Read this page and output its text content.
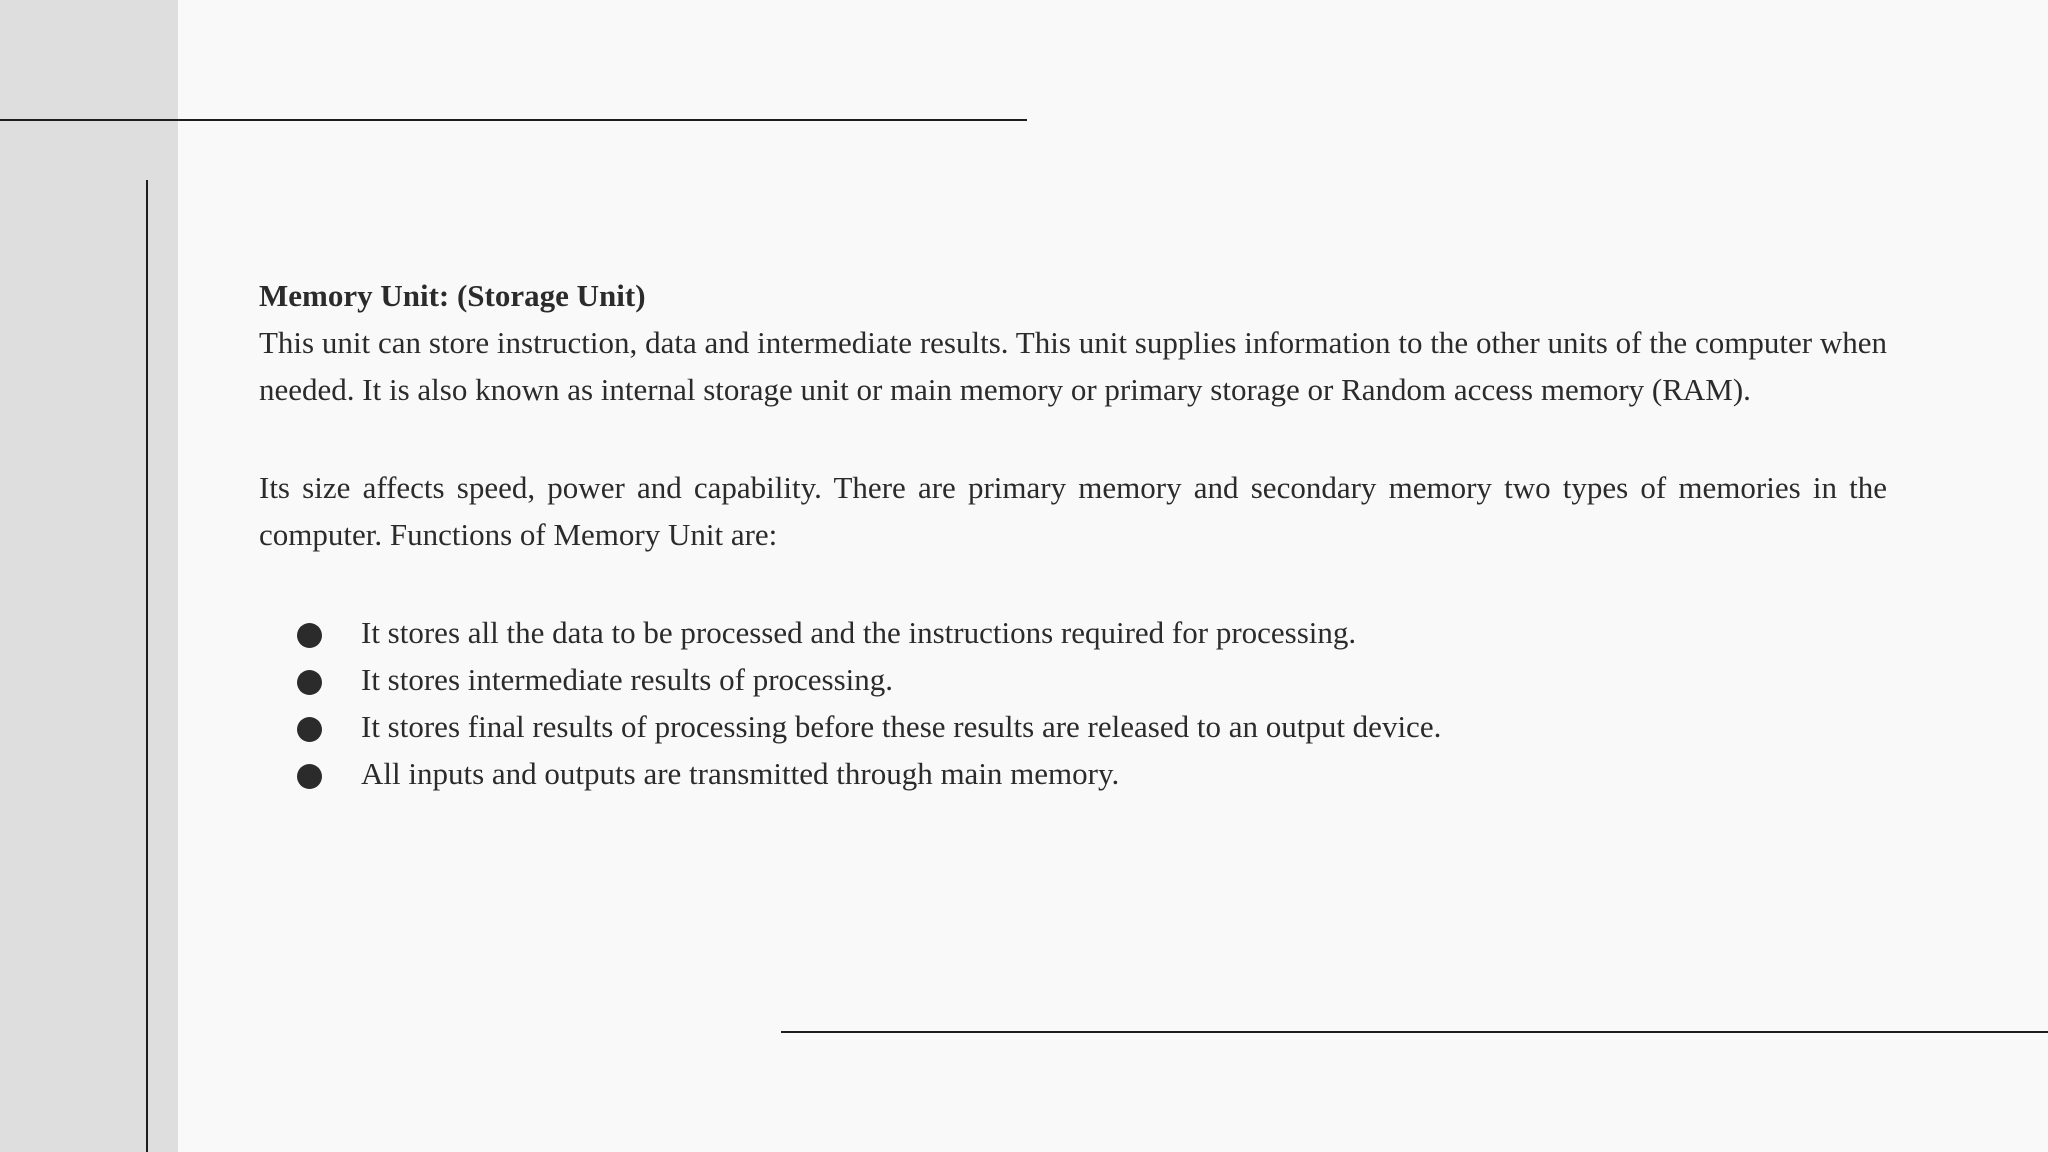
Memory Unit: (Storage Unit)

This unit can store instruction, data and intermediate results. This unit supplies information to the other units of the computer when needed. It is also known as internal storage unit or main memory or primary storage or Random access memory (RAM).

Its size affects speed, power and capability. There are primary memory and secondary memory two types of memories in the computer. Functions of Memory Unit are:

It stores all the data to be processed and the instructions required for processing.
It stores intermediate results of processing.
It stores final results of processing before these results are released to an output device.
All inputs and outputs are transmitted through main memory.
